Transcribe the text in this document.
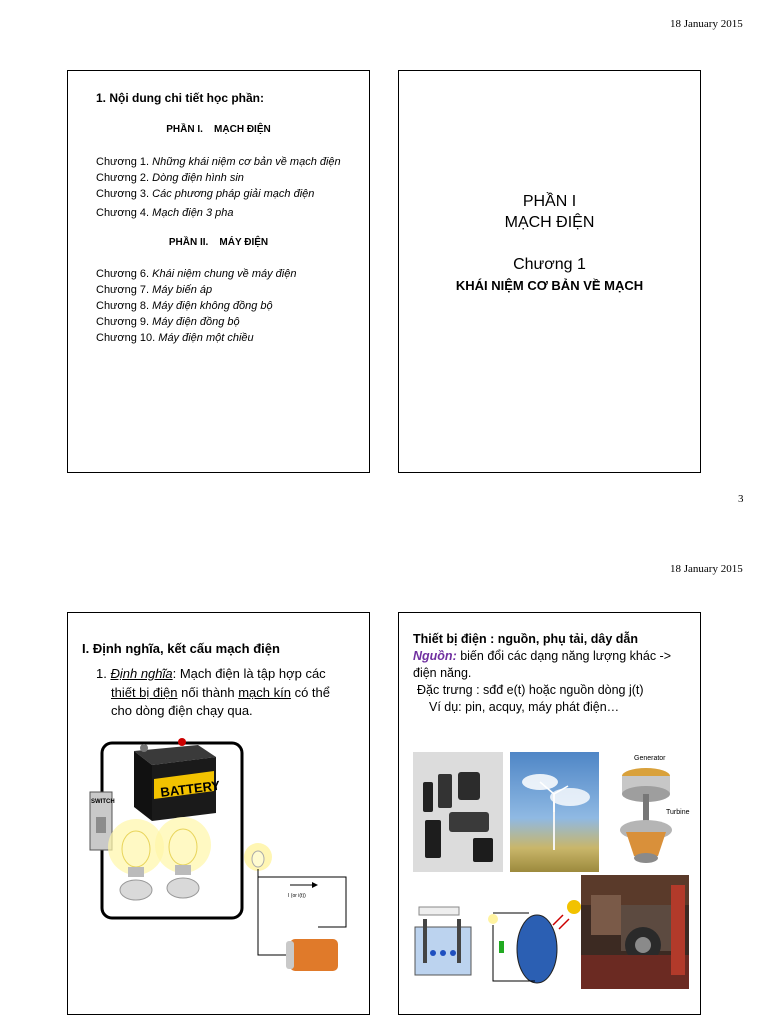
18 January 2015
1. Nội dung chi tiết học phần:
PHẦN I.    MẠCH ĐIỆN
Chương 1. Những khái niệm cơ bản về mạch điện
Chương 2. Dòng điện hình sin
Chương 3. Các phương pháp giải mạch điện
Chương 4. Mạch điện 3 pha
PHẦN II.    MÁY ĐIỆN
Chương 6. Khái niệm chung về máy điện
Chương 7. Máy biến áp
Chương 8. Máy điện không đồng bộ
Chương 9. Máy điện đồng bộ
Chương 10. Máy điện một chiều
PHẦN I
MẠCH ĐIỆN
Chương 1
KHÁI NIỆM CƠ BẢN VỀ MẠCH
3
18 January 2015
I. Định nghĩa, kết cấu mạch điện
1. Định nghĩa: Mạch điện là tập hợp các
thiết bị điện nối thành mạch kín có thể
cho dòng điện chạy qua.
BATTERY
SWITCH
I (or i(t))
Thiết bị điện : nguồn, phụ tải, dây dẫn
Nguồn: biến đổi các dạng năng lượng khác ->
điện năng.
Đặc trưng : sđđ e(t) hoặc nguồn dòng j(t)
Ví dụ: pin, acquy, máy phát điện…
Generator
Turbine
